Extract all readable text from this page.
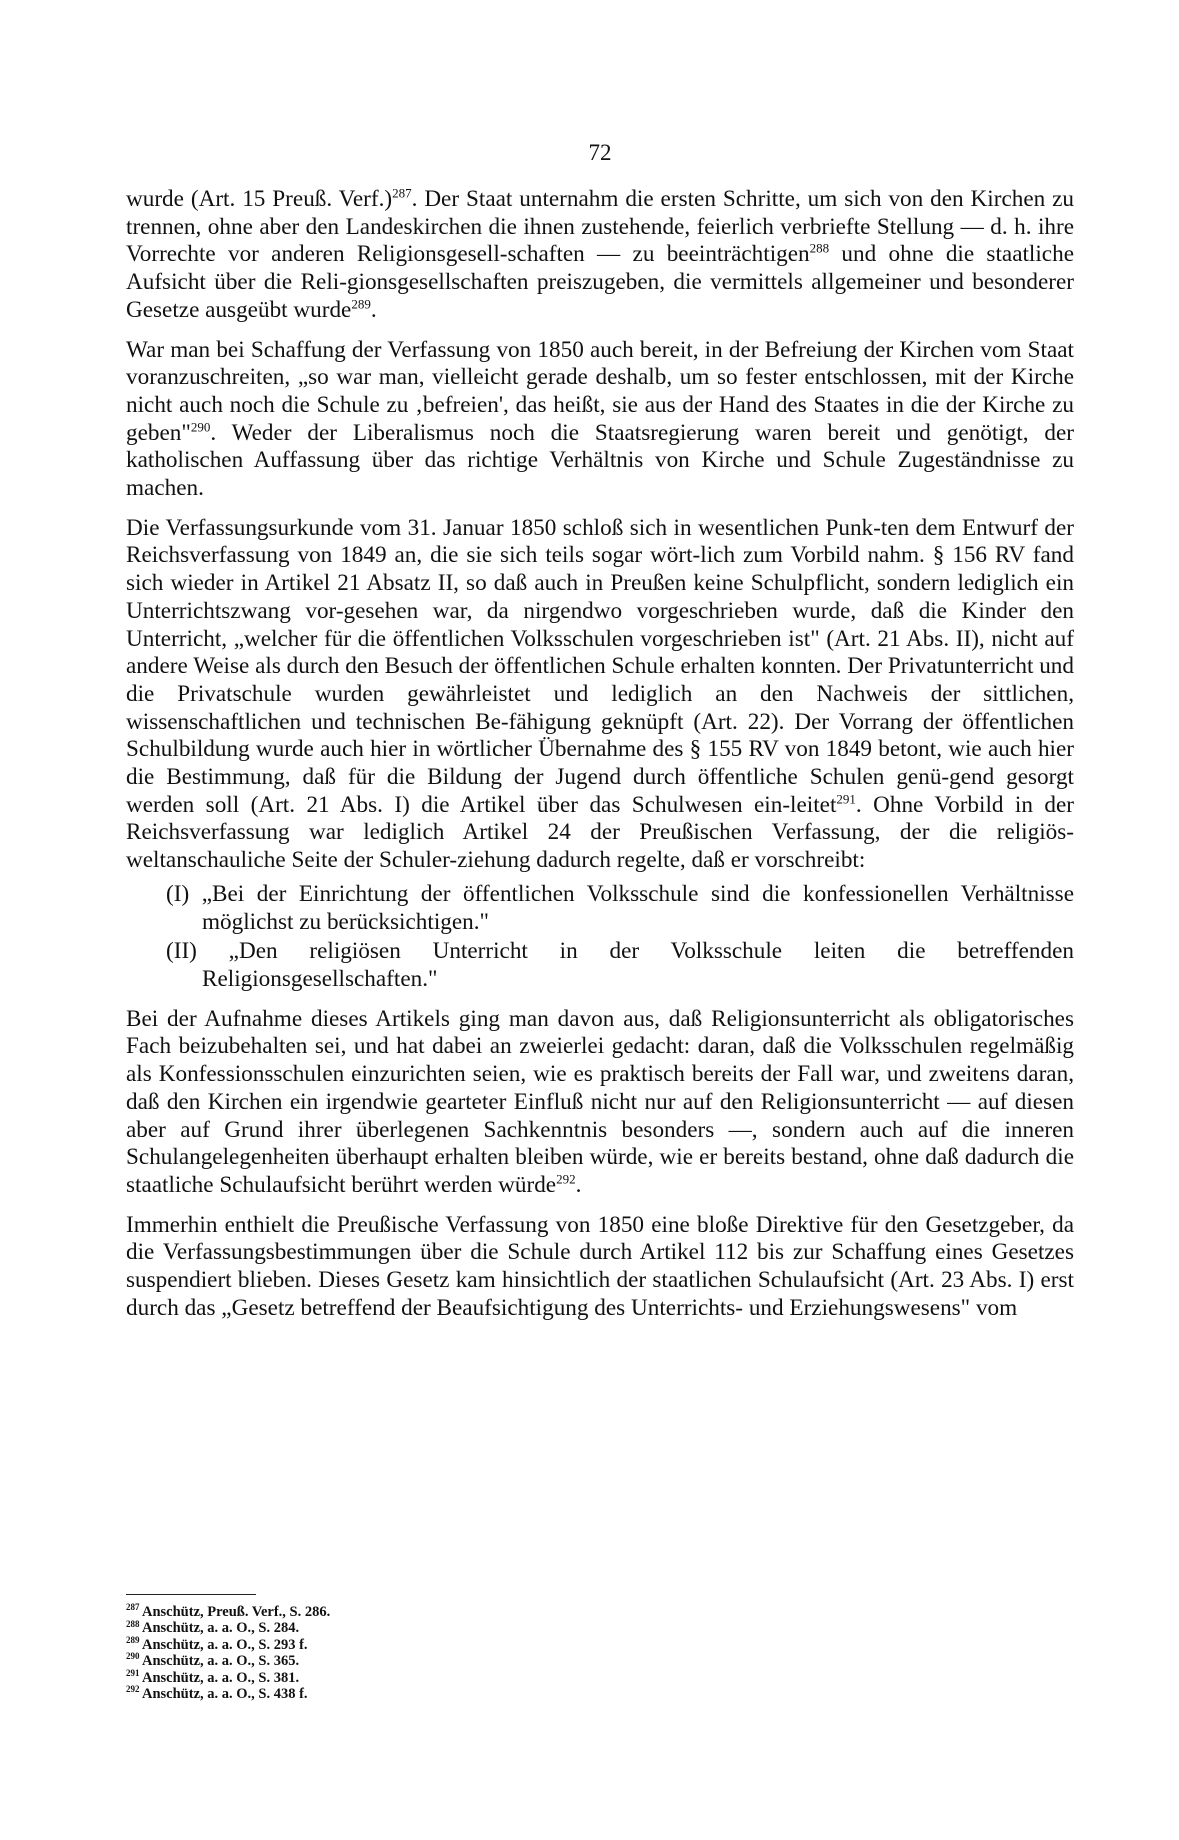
72

wurde (Art. 15 Preuß. Verf.)$^{287}$. Der Staat unternahm die ersten Schritte, um sich von den Kirchen zu trennen, ohne aber den Landeskirchen die ihnen zustehende, feierlich verbriefte Stellung — d. h. ihre Vorrechte vor anderen Religionsgesell-schaften — zu beeinträchtigen$^{288}$ und ohne die staatliche Aufsicht über die Reli-gionsgesellschaften preiszugeben, die vermittels allgemeiner und besonderer Gesetze ausgeübt wurde$^{289}$.

War man bei Schaffung der Verfassung von 1850 auch bereit, in der Befreiung der Kirchen vom Staat voranzuschreiten, „so war man, vielleicht gerade deshalb, um so fester entschlossen, mit der Kirche nicht auch noch die Schule zu ‚befreien', das heißt, sie aus der Hand des Staates in die der Kirche zu geben"$^{290}$. Weder der Liberalismus noch die Staatsregierung waren bereit und genötigt, der katholischen Auffassung über das richtige Verhältnis von Kirche und Schule Zugeständnisse zu machen.

Die Verfassungsurkunde vom 31. Januar 1850 schloß sich in wesentlichen Punk-ten dem Entwurf der Reichsverfassung von 1849 an, die sie sich teils sogar wört-lich zum Vorbild nahm. § 156 RV fand sich wieder in Artikel 21 Absatz II, so daß auch in Preußen keine Schulpflicht, sondern lediglich ein Unterrichtszwang vor-gesehen war, da nirgendwo vorgeschrieben wurde, daß die Kinder den Unterricht, „welcher für die öffentlichen Volksschulen vorgeschrieben ist" (Art. 21 Abs. II), nicht auf andere Weise als durch den Besuch der öffentlichen Schule erhalten konnten. Der Privatunterricht und die Privatschule wurden gewährleistet und lediglich an den Nachweis der sittlichen, wissenschaftlichen und technischen Be-fähigung geknüpft (Art. 22). Der Vorrang der öffentlichen Schulbildung wurde auch hier in wörtlicher Übernahme des § 155 RV von 1849 betont, wie auch hier die Bestimmung, daß für die Bildung der Jugend durch öffentliche Schulen genü-gend gesorgt werden soll (Art. 21 Abs. I) die Artikel über das Schulwesen ein-leitet$^{291}$. Ohne Vorbild in der Reichsverfassung war lediglich Artikel 24 der Preußischen Verfassung, der die religiös-weltanschauliche Seite der Schuler-ziehung dadurch regelte, daß er vorschreibt:

(I) „Bei der Einrichtung der öffentlichen Volksschule sind die konfessionellen Verhältnisse möglichst zu berücksichtigen."

(II) „Den religiösen Unterricht in der Volksschule leiten die betreffenden Religionsgesellschaften."

Bei der Aufnahme dieses Artikels ging man davon aus, daß Religionsunterricht als obligatorisches Fach beizubehalten sei, und hat dabei an zweierlei gedacht: daran, daß die Volksschulen regelmäßig als Konfessionsschulen einzurichten seien, wie es praktisch bereits der Fall war, und zweitens daran, daß den Kirchen ein irgendwie gearteter Einfluß nicht nur auf den Religionsunterricht — auf diesen aber auf Grund ihrer überlegenen Sachkenntnis besonders —, sondern auch auf die inneren Schulangelegenheiten überhaupt erhalten bleiben würde, wie er bereits bestand, ohne daß dadurch die staatliche Schulaufsicht berührt werden würde$^{292}$.

Immerhin enthielt die Preußische Verfassung von 1850 eine bloße Direktive für den Gesetzgeber, da die Verfassungsbestimmungen über die Schule durch Artikel 112 bis zur Schaffung eines Gesetzes suspendiert blieben. Dieses Gesetz kam hinsichtlich der staatlichen Schulaufsicht (Art. 23 Abs. I) erst durch das „Gesetz betreffend der Beaufsichtigung des Unterrichts- und Erziehungswesens" vom

287 Anschütz, Preuß. Verf., S. 286.
288 Anschütz, a. a. O., S. 284.
289 Anschütz, a. a. O., S. 293 f.
290 Anschütz, a. a. O., S. 365.
291 Anschütz, a. a. O., S. 381.
292 Anschütz, a. a. O., S. 438 f.
